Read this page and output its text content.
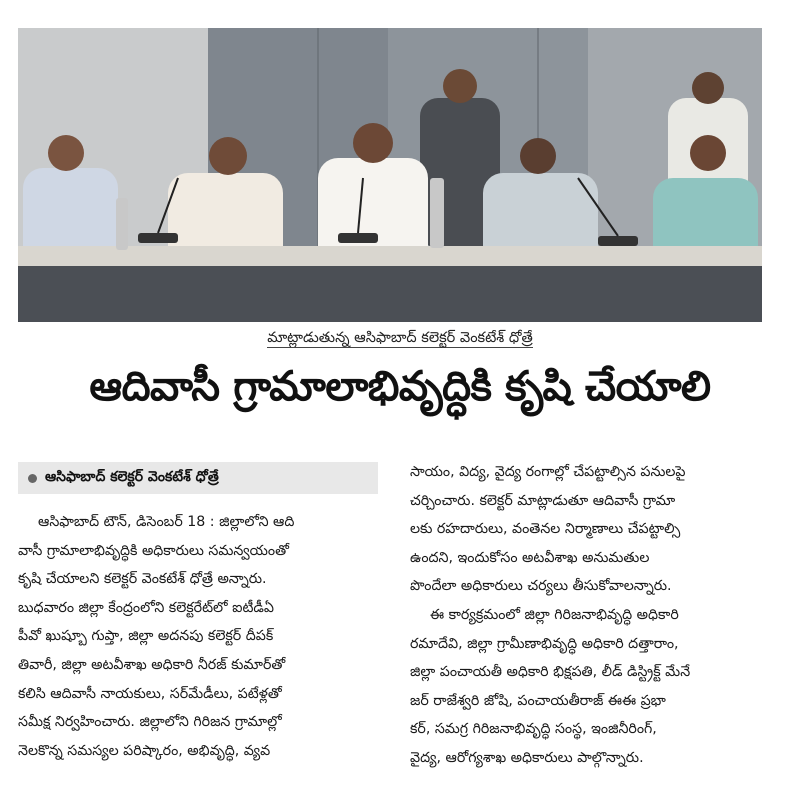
మాట్లాడుతున్న ఆసిఫాబాద్ కలెక్టర్ వెంకటేశ్ ధోత్రే
ఆదివాసీ గ్రామాలాభివృద్ధికి కృషి చేయాలి
ఆసిఫాబాద్ కలెక్టర్ వెంకటేశ్ ధోత్రే

ఆసిఫాబాద్ టౌన్, డిసెంబర్ 18 : జిల్లాలోని ఆది

వాసీ గ్రామాలాభివృద్ధికి అధికారులు సమన్వయంతో

కృషి చేయాలని కలెక్టర్ వెంకటేశ్ ధోత్రే అన్నారు.

బుధవారం జిల్లా కేంద్రంలోని కలెక్టరేట్‌లో ఐటీడీఏ

పీవో ఖుష్బూ గుప్తా, జిల్లా అదనపు కలెక్టర్ దీపక్

తివారీ, జిల్లా అటవీశాఖ అధికారి నీరజ్ కుమార్‌తో

కలిసి ఆదివాసీ నాయకులు, సర్‌మేడీలు, పటేళ్లతో

సమీక్ష నిర్వహించారు. జిల్లాలోని గిరిజన గ్రామాల్లో

నెలకొన్న సమస్యల పరిష్కారం, అభివృద్ధి, వ్యవ

సాయం, విద్య, వైద్య రంగాల్లో చేపట్టాల్సిన పనులపై

చర్చించారు. కలెక్టర్ మాట్లాడుతూ ఆదివాసీ గ్రామా

లకు రహదారులు, వంతెనల నిర్మాణాలు చేపట్టాల్సి

ఉందని, ఇందుకోసం అటవీశాఖ అనుమతుల

పొందేలా అధికారులు చర్యలు తీసుకోవాలన్నారు.

ఈ కార్యక్రమంలో జిల్లా గిరిజనాభివృద్ధి అధికారి

రమాదేవి, జిల్లా గ్రామీణాభివృద్ధి అధికారి దత్తారాం,

జిల్లా పంచాయతీ అధికారి భిక్షపతి, లీడ్ డిస్ట్రిక్ట్ మేనే

జర్ రాజేశ్వరి జోషి, పంచాయతీరాజ్ ఈఈ ప్రభా

కర్, సమగ్ర గిరిజనాభివృద్ధి సంస్థ, ఇంజినీరింగ్,

వైద్య, ఆరోగ్యశాఖ అధికారులు పాల్గొన్నారు.
